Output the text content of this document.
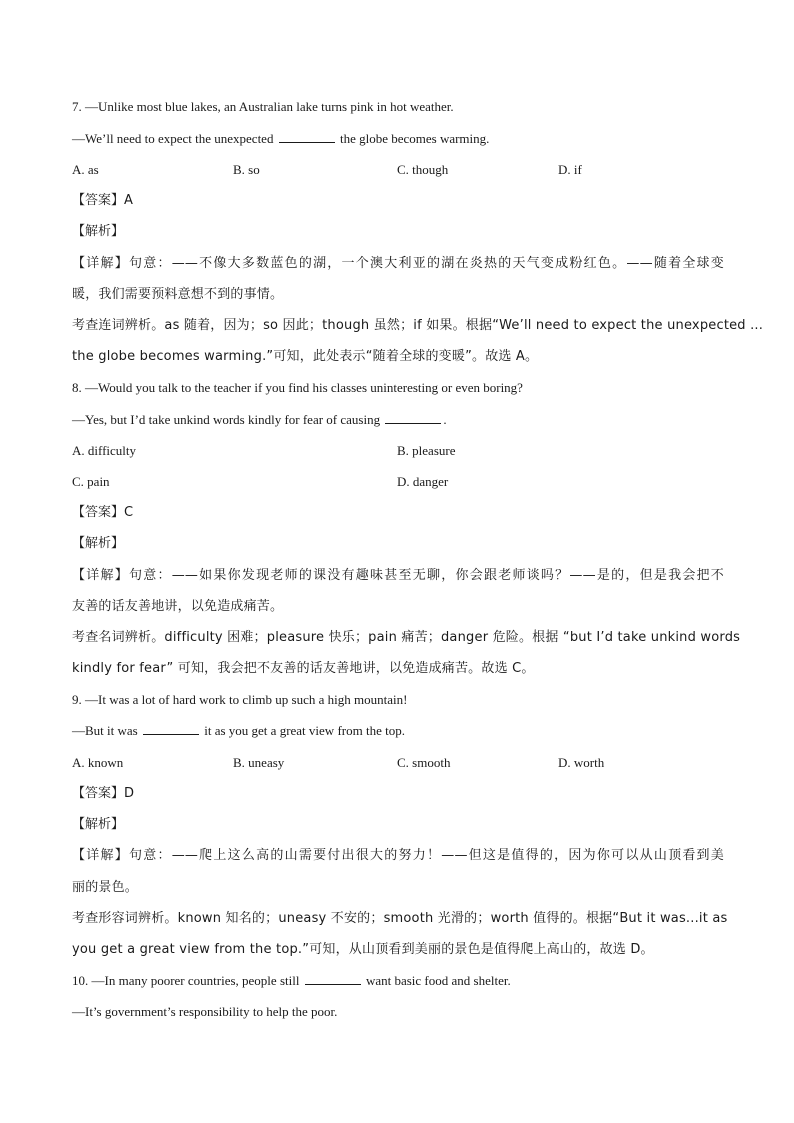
7. —Unlike most blue lakes, an Australian lake turns pink in hot weather.
—We’ll need to expect the unexpected	the globe becomes warming.
A. as	B. so	C. though	D. if
【答案】A
【解析】
【详解】句意：——不像大多数蓝色的湖，一个澳大利亚的湖在炎热的天气变成粉红色。——随着全球变
暖，我们需要预料意想不到的事情。
考查连词辨析。as 随着，因为；so 因此；though 虽然；if 如果。根据“We’ll need to expect the unexpected ...
the globe becomes warming.”可知，此处表示“随着全球的变暖”。故选 A。
8. —Would you talk to the teacher if you find his classes uninteresting or even boring?
—Yes, but I’d take unkind words kindly for fear of causing	.
A. difficulty	B. pleasure
C. pain	D. danger
【答案】C
【解析】
【详解】句意：——如果你发现老师的课没有趣味甚至无聊，你会跟老师谈吗？——是的，但是我会把不
友善的话友善地讲，以免造成痛苦。
考查名词辨析。difficulty 困难；pleasure 快乐；pain 痛苦；danger 危险。根据 “but I’d take unkind words
kindly for fear” 可知，我会把不友善的话友善地讲，以免造成痛苦。故选 C。
9. —It was a lot of hard work to climb up such a high mountain!
—But it was	it as you get a great view from the top.
A. known	B. uneasy	C. smooth	D. worth
【答案】D
【解析】
【详解】句意：——爬上这么高的山需要付出很大的努力！——但这是值得的，因为你可以从山顶看到美
丽的景色。
考查形容词辨析。known 知名的；uneasy 不安的；smooth 光滑的；worth 值得的。根据“But it was...it as
you get a great view from the top.”可知，从山顶看到美丽的景色是值得爬上高山的，故选 D。
10. —In many poorer countries, people still	want basic food and shelter.
—It’s government’s responsibility to help the poor.
